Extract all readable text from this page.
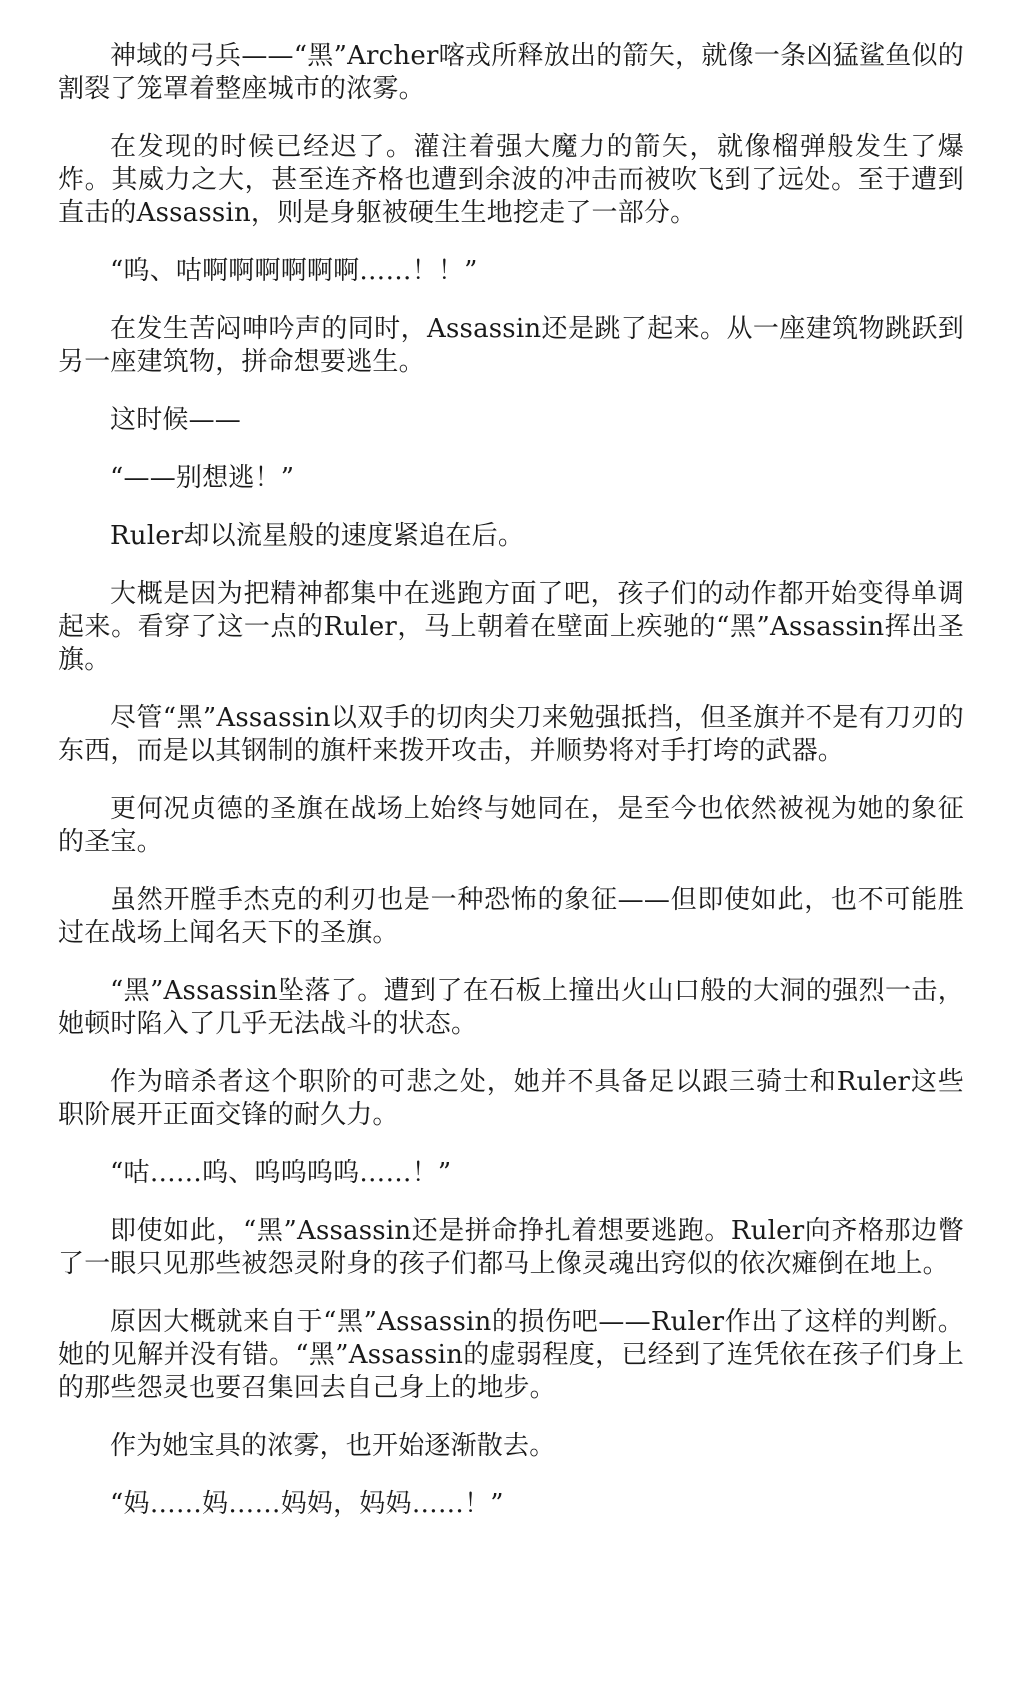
神域的弓兵——“黑”Archer喀戎所释放出的箭矢，就像一条凶猛鲨鱼似的割裂了笼罩着整座城市的浓雾。

在发现的时候已经迟了。灌注着强大魔力的箭矢，就像榴弹般发生了爆炸。其威力之大，甚至连齐格也遭到余波的冲击而被吹飞到了远处。至于遭到直击的Assassin，则是身躯被硬生生地挖走了一部分。

“呜、咕啊啊啊啊啊啊……！！”

在发生苦闷呻吟声的同时，Assassin还是跳了起来。从一座建筑物跳跃到另一座建筑物，拼命想要逃生。

这时候——

“——别想逃！”

Ruler却以流星般的速度紧追在后。

大概是因为把精神都集中在逃跑方面了吧，孩子们的动作都开始变得单调起来。看穿了这一点的Ruler，马上朝着在壁面上疾驰的“黑”Assassin挥出圣旗。

尽管“黑”Assassin以双手的切肉尖刀来勉强抵挡，但圣旗并不是有刀刃的东西，而是以其钢制的旗杆来拨开攻击，并顺势将对手打垮的武器。

更何况贞德的圣旗在战场上始终与她同在，是至今也依然被视为她的象征的圣宝。

虽然开膛手杰克的利刃也是一种恐怖的象征——但即使如此，也不可能胜过在战场上闻名天下的圣旗。

“黑”Assassin坠落了。遭到了在石板上撞出火山口般的大洞的强烈一击，她顿时陷入了几乎无法战斗的状态。

作为暗杀者这个职阶的可悲之处，她并不具备足以跟三骑士和Ruler这些职阶展开正面交锋的耐久力。

“咕……呜、呜呜呜呜……！”

即使如此，“黑”Assassin还是拼命挣扎着想要逃跑。Ruler向齐格那边瞥了一眼只见那些被怨灵附身的孩子们都马上像灵魂出窍似的依次瘫倒在地上。

原因大概就来自于“黑”Assassin的损伤吧——Ruler作出了这样的判断。她的见解并没有错。“黑”Assassin的虚弱程度，已经到了连凭依在孩子们身上的那些怨灵也要召集回去自己身上的地步。

作为她宝具的浓雾，也开始逐渐散去。

“妈……妈……妈妈，妈妈……！”
